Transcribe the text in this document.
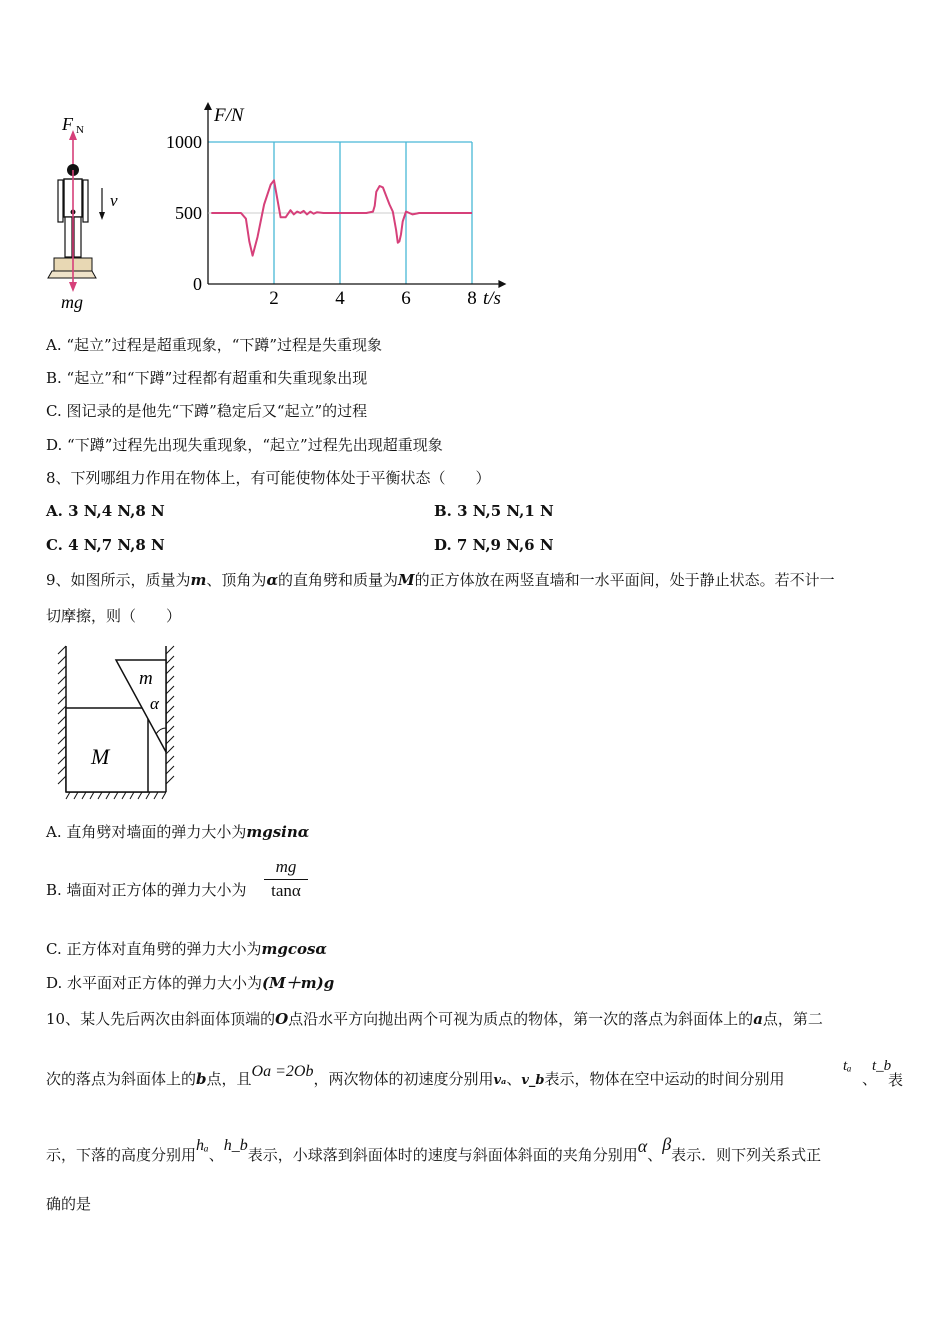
F N
mg
v
1000
500
0
2	4	6	8
F/N
t/s
A. “起立”过程是超重现象，“下蹲”过程是失重现象
B. “起立”和“下蹲”过程都有超重和失重现象出现
C. 图记录的是他先“下蹲”稳定后又“起立”的过程
D. “下蹲”过程先出现失重现象，“起立”过程先出现超重现象
8、下列哪组力作用在物体上，有可能使物体处于平衡状态（　　）
A. 3 N,4 N,8 N	B. 3 N,5 N,1 N
C. 4 N,7 N,8 N	D. 7 N,9 N,6 N
9、如图所示，质量为m、顶角为α的直角劈和质量为M的正方体放在两竖直墙和一水平面间，处于静止状态。若不计一
切摩擦，则（　　）
m
α
M
A. 直角劈对墙面的弹力大小为mgsinα
B. 墙面对正方体的弹力大小为 $\frac{mg}{\tan\alpha}$
C. 正方体对直角劈的弹力大小为mgcosα
D. 水平面对正方体的弹力大小为(M＋m)g
10、某人先后两次由斜面体顶端的O点沿水平方向抛出两个可视为质点的物体，第一次的落点为斜面体上的a点，第二
次的落点为斜面体上的b点，且Oa =2Ob，两次物体的初速度分别用vₐ、v_b表示，物体在空中运动的时间分别用
tₐ
、
t_b
表
示，下落的高度分别用hₐ、h_b表示，小球落到斜面体时的速度与斜面体斜面的夹角分别用α、β表示．则下列关系式正
确的是
